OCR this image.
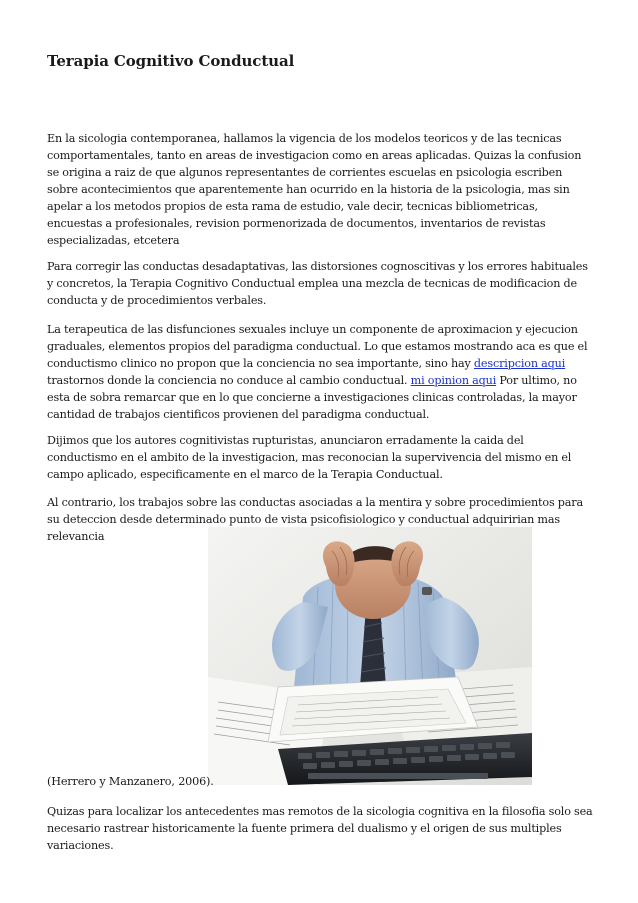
Terapia Cognitivo Conductual

En la sicologia contemporanea, hallamos la vigencia de los modelos teoricos y de las tecnicas comportamentales, tanto en areas de investigacion como en areas aplicadas. Quizas la confusion se origina a raiz de que algunos representantes de corrientes escuelas en psicologia escriben sobre acontecimientos que aparentemente han ocurrido en la historia de la psicologia, mas sin apelar a los metodos propios de esta rama de estudio, vale decir, tecnicas bibliometricas, encuestas a profesionales, revision pormenorizada de documentos, inventarios de revistas especializadas, etcetera

Para corregir las conductas desadaptativas, las distorsiones cognoscitivas y los errores habituales y concretos, la Terapia Cognitivo Conductual emplea una mezcla de tecnicas de modificacion de conducta y de procedimientos verbales.

La terapeutica de las disfunciones sexuales incluye un componente de aproximacion y ejecucion graduales, elementos propios del paradigma conductual. Lo que estamos mostrando aca es que el conductismo clinico no propon que la conciencia no sea importante, sino hay descripcion aqui trastornos donde la conciencia no conduce al cambio conductual. mi opinion aqui Por ultimo, no esta de sobra remarcar que en lo que concierne a investigaciones clinicas controladas, la mayor cantidad de trabajos cientificos provienen del paradigma conductual.

Dijimos que los autores cognitivistas rupturistas, anunciaron erradamente la caida del conductismo en el ambito de la investigacion, mas reconocian la supervivencia del mismo en el campo aplicado, especificamente en el marco de la Terapia Conductual.

Al contrario, los trabajos sobre las conductas asociadas a la mentira y sobre procedimientos para su deteccion desde determinado punto de vista psicofisiologico y conductual adquiririan mas relevancia

(Herrero y Manzanero, 2006).

Quizas para localizar los antecedentes mas remotos de la sicologia cognitiva en la filosofia solo sea necesario rastrear historicamente la fuente primera del dualismo y el origen de sus multiples variaciones.
